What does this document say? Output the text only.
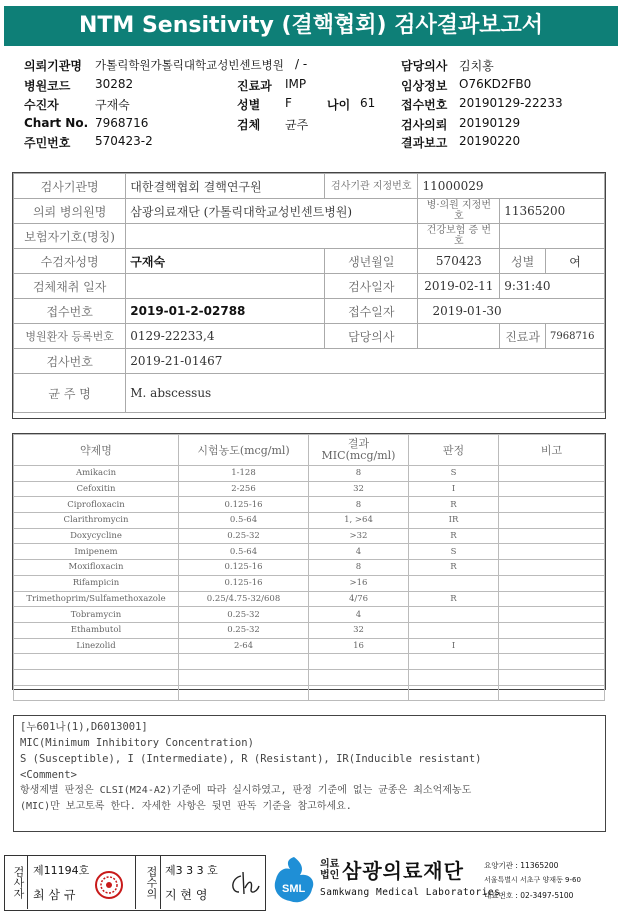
NTM Sensitivity (결핵협회) 검사결과보고서
의뢰기관명 가톨릭학원가톨릭대학교성빈센트병원 / -	담당의사 김치홍
병원코드 30282	진료과 IMP	임상정보 O76KD2FB0
수진자	구재숙	성별 F	나이 61 접수번호 20190129-22233
Chart No. 7968716	검체 균주	검사의뢰 20190129
주민번호 570423-2	결과보고 20190220
검사기관명	대한결핵협회 결핵연구원	검사기관 지정번호	11000029		
의뢰 병의원명	삼광의료재단 (가톨릭대학교성빈센트병원)		병·의원 지정번호	11365200	
보험자기호(명칭)			건강보험 증 번 호		
수검자성명	구재숙	생년월일	570423	성별	여
검체채취 일자		검사일자	2019-02-11	9:31:40	
접수번호	2019-01-2-02788	접수일자	2019-01-30		
병원환자 등록번호	0129-22233,4	담당의사		진료과	7968716
검사번호	2019-21-01467				
균 주 명	M. abscessus				
약제명	시험농도(mcg/ml)	결과 MIC(mcg/ml)	판정	비고
Amikacin	1-128	8	S	
Cefoxitin	2-256	32	I	
Ciprofloxacin	0.125-16	8	R	
Clarithromycin	0.5-64	1, >64	IR	
Doxycycline	0.25-32	>32	R	
Imipenem	0.5-64	4	S	
Moxifloxacin	0.125-16	8	R	
Rifampicin	0.125-16	>16		
Trimethoprim/Sulfamethoxazole	0.25/4.75-32/608	4/76	R	
Tobramycin	0.25-32	4		
Ethambutol	0.25-32	32		
Linezolid	2-64	16	I	

[누601나(1),D6013001]
MIC(Minimum Inhibitory Concentration)
S (Susceptible), I (Intermediate), R (Resistant), IR(Inducible resistant)
<Comment>
항생제별 판정은 CLSI(M24-A2)기준에 따라 실시하였고, 판정 기준에 없는 균종은 최소억제농도
(MIC)만 보고토록 한다. 자세한 사항은 뒷면 판독 기준을 참고하세요.
검사자 제11194호
최 삼 규	접수의 제3 3 3 호
지 현 영	SML
의료법인 삼광의료재단
Samkwang Medical Laboratories
요양기관 : 11365200
서울특별시 서초구 양재동 9-60
대표번호 : 02-3497-5100
